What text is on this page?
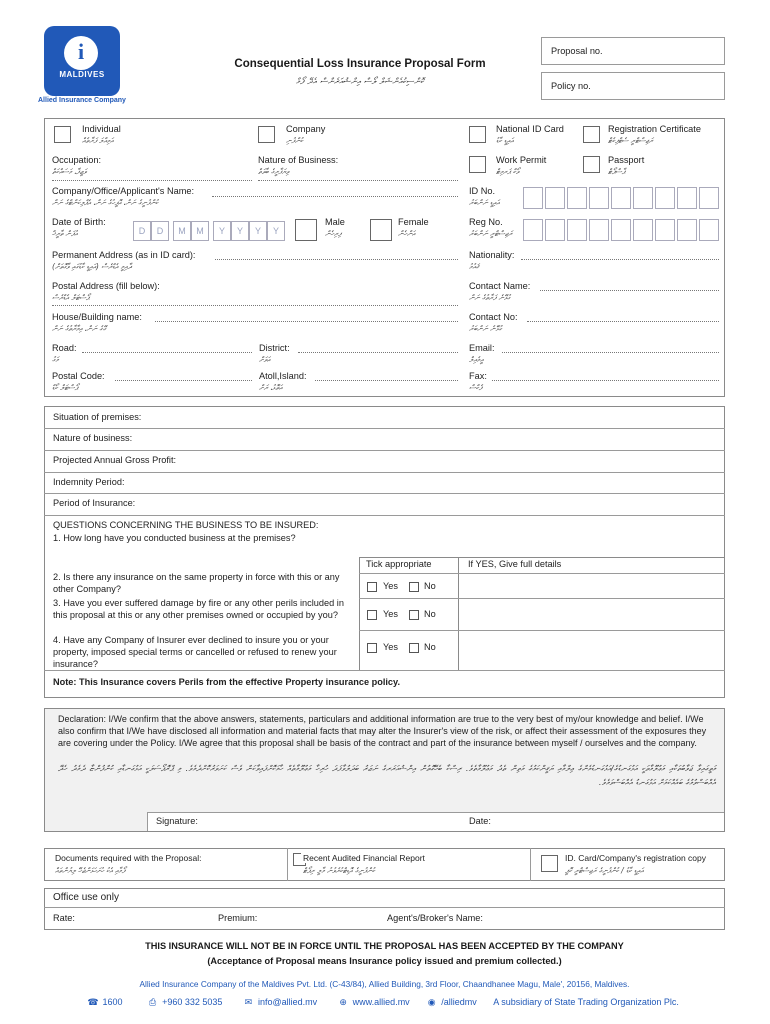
i
MALDIVES
Allied Insurance Company
Consequential Loss Insurance Proposal Form
ކޮންސިކުއެންޝަލް ލޯސް އިންޝުއަރެންސް އެދޭ ފޯމް
Proposal no.
Policy no.
Individual
އަމިއްލަ ފަރާތެއް
Company
ކުންފުނި
Occupation:
ވަޒީފާ، މަސައްކަތް
Nature of Business:
ވިޔަފާރީގެ ބާވަތް
Company/Office/Applicant's Name:
ކުންފުނީގެ ނަން، އޮފީހުގެ ނަން، އެޕްލިކަންޓްގެ ނަން
Date of Birth:
އުފަން ތާރީޚް	D	D	M	M	Y	Y	Y	Y
Male
ފިރިހެން
Female
އަންހެން
Permanent Address (as in ID card):
ދާއިމީ އެޑްރެސް (އައިޑީ ކާޑުގައި ވާގޮތަށް)
Postal Address (fill below):
ޕޯސްޓަލް އެޑްރެސް
House/Building name:
ގޭގެ ނަން، އިމާރާތުގެ ނަން
Road:
މަގު
District:
އަވަށް
Postal Code:
ޕޯސްޓަލް ކޯޑް
Atoll,Island:
އަތޮޅު، ރަށް
National ID Card
އައިޑީ ކާޑު
Registration Certificate
ރަޖިސްޓްރީ ސެޓްފިކެޓް
Work Permit
ވޯކް ޕަރމިޓް
Passport
ޕާސްޕޯޓް
ID No.
އައިޑީ ނަންބަރު
Reg No.
ރަޖިސްޓްރީ ނަންބަރު
Nationality:
ޤައުމު
Contact Name:
ގުޅޭނެ ފަރާތުގެ ނަން
Contact No:
ގުޅޭނެ ނަންބަރު
Email:
އީމެއިލް
Fax:
ފެކްސް
Situation of premises:
Nature of business:
Projected Annual Gross Profit:
Indemnity Period:
Period of Insurance:
QUESTIONS CONCERNING THE BUSINESS TO BE INSURED:
1. How long have you conducted business at the premises?
Tick appropriate	If YES, Give full details
2. Is there any insurance on the same property in force with this or any other Company?	Yes	No
3. Have you ever suffered damage by fire or any other perils included in this proposal at this or any other premises owned or occupied by you?	Yes	No
4. Have any Company of Insurer ever declined to insure you or your property, imposed special terms or cancelled or refused to renew your insurance?
Yes	No
Note: This Insurance covers Perils from the effective Property insurance policy.
Declaration: I/We confirm that the above answers, statements, particulars and additional information are true to the very best of my/our knowledge and belief. I/We also confirm that I/We have disclosed all information and material facts that may alter the Insurer's view of the risk, or affect their assessment of the exposures they are covering under the Policy. I/We agree that this proposal shall be basis of the contract and part of the insurance between myself / ourselves and the company.
މަތީގައިވާ ޖަވާބުތަކާއި މަޢުލޫމާތަކީ އަޅުގަނޑުގެ/އަޅުގަނޑުމެންގެ ޢިލްމާއި ޔަޤީންކަމުގެ މަތިން ތެދު މަޢުލޫމާތެވެ. ރިސްކާ ބެހޭގޮތުން އިންޝުއަރަރގެ ނަޒަރު ބަދަލުވާފަދަ ހުރިހާ މަޢުލޫމާތެއް ހާމަކޮށްފައިވާކަން ވެސް ކަށަވަރުކޮށްދެމެވެ. މި ޕްރޮޕޯސަލަކީ އަޅުގަނޑާއި ކުންފުންޏާ ދެމެދު ހެދޭ އެއްބަސްވުމުގެ ބައެއްކަމަށް އަޅުގަނޑު އެއްބަސްވަމެވެ.
Signature:	Date:
Documents required with the Proposal:
ފޯމާއި އެކު ހުށަހަޅަންޖެހޭ ލިޔުންތައް
Recent Audited Financial Report
ކުންފުނީގެ އޮޑިޓްކުރެވުނު މާލީ ރިޕޯޓް
ID. Card/Company's registration copy
އައިޑީ ކާޑު / ކުންފުނީގެ ރަޖިސްޓްރީ ކޮޕީ
Office use only
Rate:	Premium:	Agent's/Broker's Name:
THIS INSURANCE WILL NOT BE IN FORCE UNTIL THE PROPOSAL HAS BEEN ACCEPTED BY THE COMPANY
(Acceptance of Proposal means Insurance policy issued and premium collected.)
Allied Insurance Company of the Maldives Pvt. Ltd. (C-43/84), Allied Building, 3rd Floor, Chaandhanee Magu, Male', 20156, Maldives.
☎ 1600	⎙ +960 332 5035 ✉ info@allied.mv ⊕ www.allied.mv ◉ /alliedmv A subsidiary of State Trading Organization Plc.
